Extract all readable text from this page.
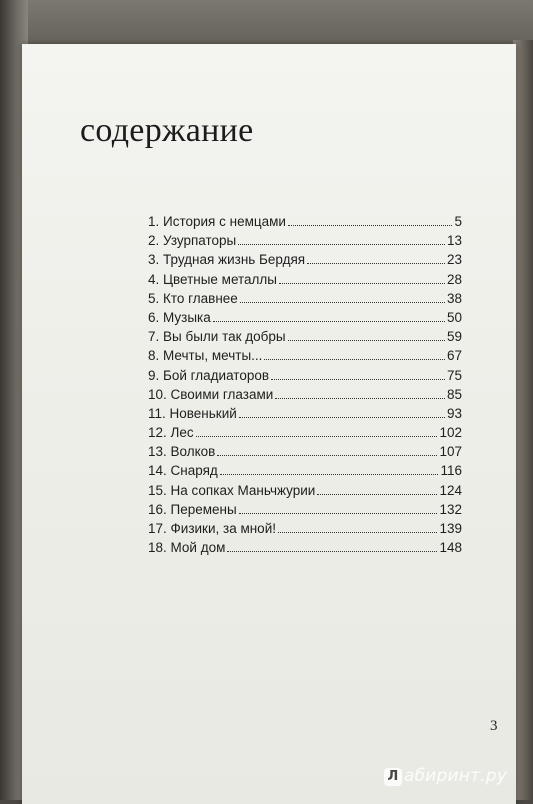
содержание
1. История с немцами	5
2. Узурпаторы	13
3. Трудная жизнь Бердяя	23
4. Цветные металлы	28
5. Кто главнее	38
6. Музыка	50
7. Вы были так добры	59
8. Мечты, мечты...	67
9. Бой гладиаторов	75
10. Своими глазами	85
11. Новенький	93
12. Лес	102
13. Волков	107
14. Снаряд	116
15. На сопках Маньчжурии	124
16. Перемены	132
17. Физики, за мной!	139
18. Мой дом	148
3
Л абиринт.ру
